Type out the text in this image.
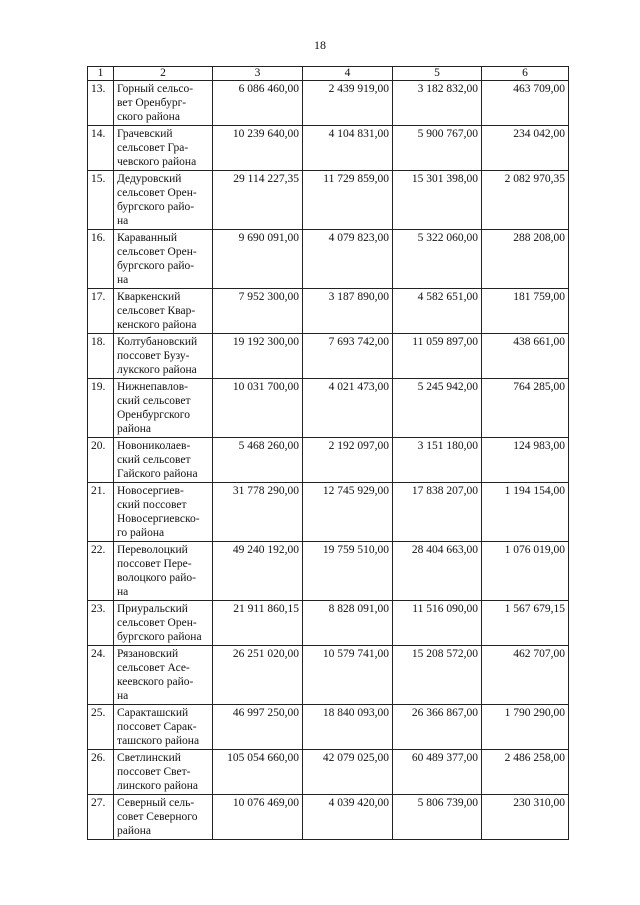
18
1	2	3	4	5	6
13.	Горный сельсо-
вет Оренбург-
ского района	6 086 460,00	2 439 919,00	3 182 832,00	463 709,00
14.	Грачевский
сельсовет Гра-
чевского района	10 239 640,00	4 104 831,00	5 900 767,00	234 042,00
15.	Дедуровский
сельсовет Орен-
бургского райо-
на	29 114 227,35	11 729 859,00	15 301 398,00	2 082 970,35
16.	Караванный
сельсовет Орен-
бургского райо-
на	9 690 091,00	4 079 823,00	5 322 060,00	288 208,00
17.	Кваркенский
сельсовет Квар-
кенского района	7 952 300,00	3 187 890,00	4 582 651,00	181 759,00
18.	Колтубановский
поссовет Бузу-
лукского района	19 192 300,00	7 693 742,00	11 059 897,00	438 661,00
19.	Нижнепавлов-
ский сельсовет
Оренбургского
района	10 031 700,00	4 021 473,00	5 245 942,00	764 285,00
20.	Новониколаев-
ский сельсовет
Гайского района	5 468 260,00	2 192 097,00	3 151 180,00	124 983,00
21.	Новосергиев-
ский поссовет
Новосергиевско-
го района	31 778 290,00	12 745 929,00	17 838 207,00	1 194 154,00
22.	Переволоцкий
поссовет Пере-
волоцкого райо-
на	49 240 192,00	19 759 510,00	28 404 663,00	1 076 019,00
23.	Приуральский
сельсовет Орен-
бургского района	21 911 860,15	8 828 091,00	11 516 090,00	1 567 679,15
24.	Рязановский
сельсовет Асе-
кеевского райо-
на	26 251 020,00	10 579 741,00	15 208 572,00	462 707,00
25.	Саракташский
поссовет Сарак-
ташского района	46 997 250,00	18 840 093,00	26 366 867,00	1 790 290,00
26.	Светлинский
поссовет Свет-
линского района	105 054 660,00	42 079 025,00	60 489 377,00	2 486 258,00
27.	Северный сель-
совет Северного
района	10 076 469,00	4 039 420,00	5 806 739,00	230 310,00
